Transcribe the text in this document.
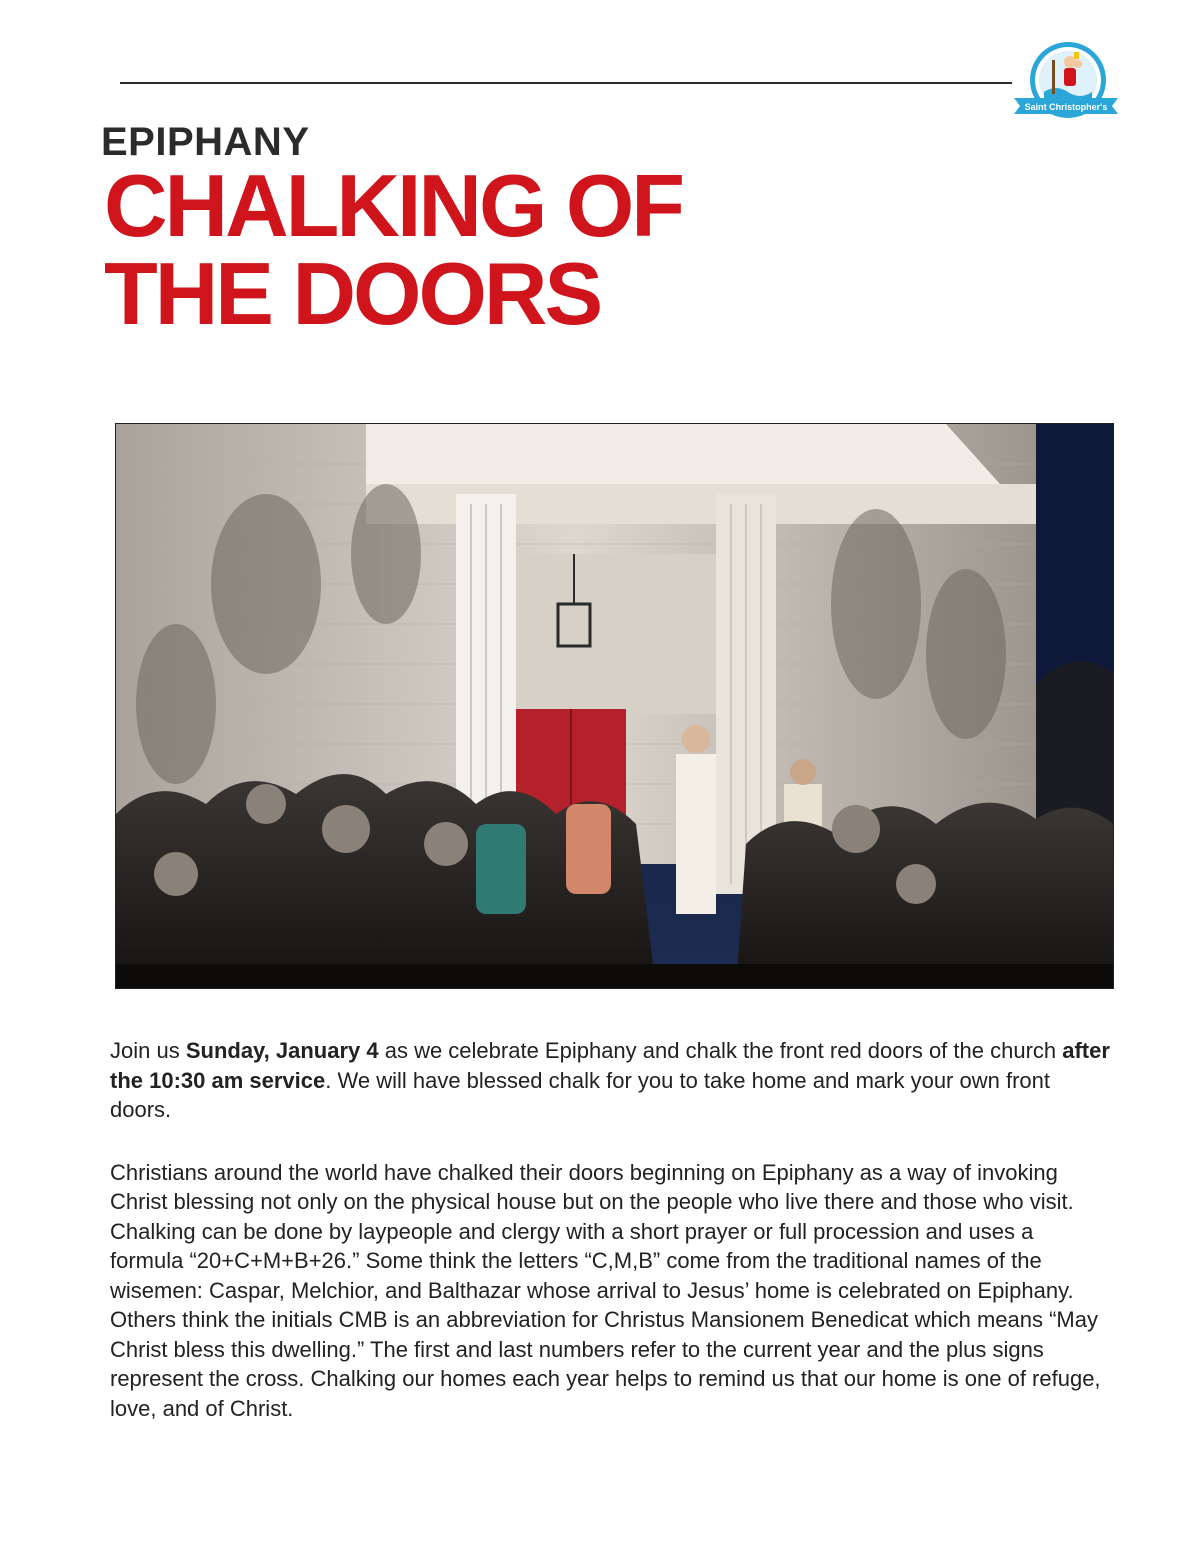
Saint Christopher's
EPIPHANY
CHALKING OF
THE DOORS

Join us Sunday, January 4 as we celebrate Epiphany and chalk the front red doors of the church after the 10:30 am service. We will have blessed chalk for you to take home and mark your own front doors.

Christians around the world have chalked their doors beginning on Epiphany as a way of invoking Christ blessing not only on the physical house but on the people who live there and those who visit. Chalking can be done by laypeople and clergy with a short prayer or full procession and uses a formula “20+C+M+B+26.” Some think the letters “C,M,B” come from the traditional names of the wisemen: Caspar, Melchior, and Balthazar whose arrival to Jesus’ home is celebrated on Epiphany. Others think the initials CMB is an abbreviation for Christus Mansionem Benedicat which means “May Christ bless this dwelling.” The first and last numbers refer to the current year and the plus signs represent the cross. Chalking our homes each year helps to remind us that our home is one of refuge, love, and of Christ.
